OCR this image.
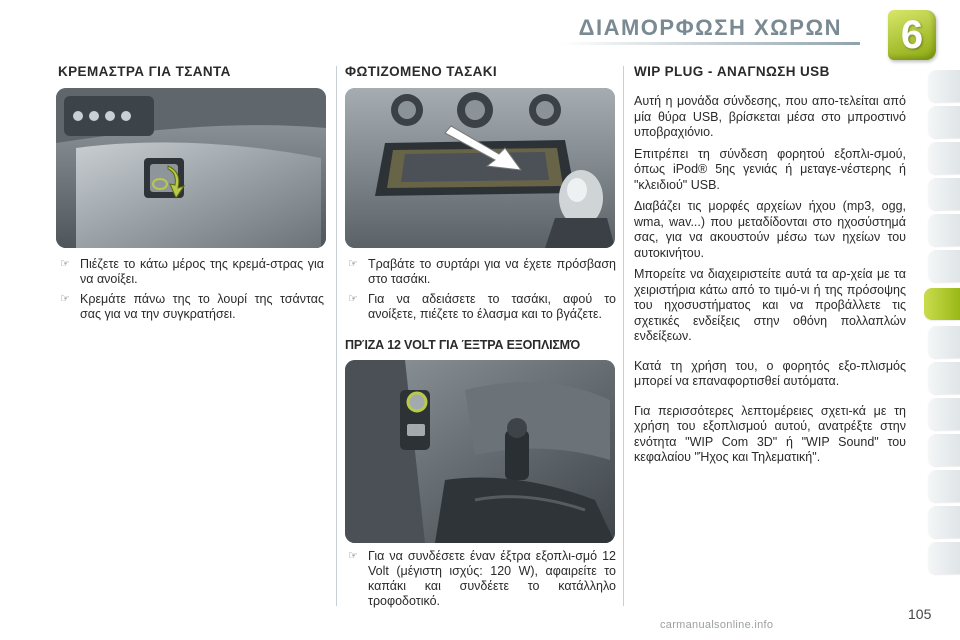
ΔΙΑΜΟΡΦΩΣΗ ΧΩΡΩΝ	6
ΚΡΕΜΑΣΤΡΑ ΓΙΑ ΤΣΑΝΤΑ
☞ Πιέζετε το κάτω μέρος της κρεμά-στρας για να ανοίξει.
☞ Κρεμάτε πάνω της το λουρί της τσάντας σας για να την συγκρατήσει.
ΦΩΤΙΖΟΜΕΝΟ ΤΑΣΑΚΙ
☞ Τραβάτε το συρτάρι για να έχετε πρόσβαση στο τασάκι.
☞ Για να αδειάσετε το τασάκι, αφού το ανοίξετε, πιέζετε το έλασμα και το βγάζετε.
ΠΡΊΖΑ 12 VOLT ΓΙΑ ΈΞΤΡΑ ΕΞΟΠΛΙΣΜΌ
☞ Για να συνδέσετε έναν έξτρα εξοπλι-σμό 12 Volt (μέγιστη ισχύς: 120 W), αφαιρείτε το καπάκι και συνδέετε το κατάλληλο τροφοδοτικό.
WIP PLUG - ΑΝΑΓΝΩΣΗ USB

Αυτή η μονάδα σύνδεσης, που απο-τελείται από μία θύρα USB, βρίσκεται μέσα στο μπροστινό υποβραχιόνιο.

Επιτρέπει τη σύνδεση φορητού εξοπλι-σμού, όπως iPod® 5ης γενιάς ή μεταγε-νέστερης ή "κλειδιού" USB.

Διαβάζει τις μορφές αρχείων ήχου (mp3, ogg, wma, wav...) που μεταδίδονται στο ηχοσύστημά σας, για να ακουστούν μέσω των ηχείων του αυτοκινήτου.

Μπορείτε να διαχειριστείτε αυτά τα αρ-χεία με τα χειριστήρια κάτω από το τιμό-νι ή της πρόσοψης του ηχοσυστήματος και να προβάλλετε τις σχετικές ενδείξεις στην οθόνη πολλαπλών ενδείξεων.

Κατά τη χρήση του, ο φορητός εξο-πλισμός μπορεί να επαναφορτισθεί αυτόματα.

Για περισσότερες λεπτομέρειες σχετι-κά με τη χρήση του εξοπλισμού αυτού, ανατρέξτε στην ενότητα "WIP Com 3D" ή "WIP Sound" του κεφαλαίου "Ήχος και Τηλεματική".

105
carmanualsonline.info
